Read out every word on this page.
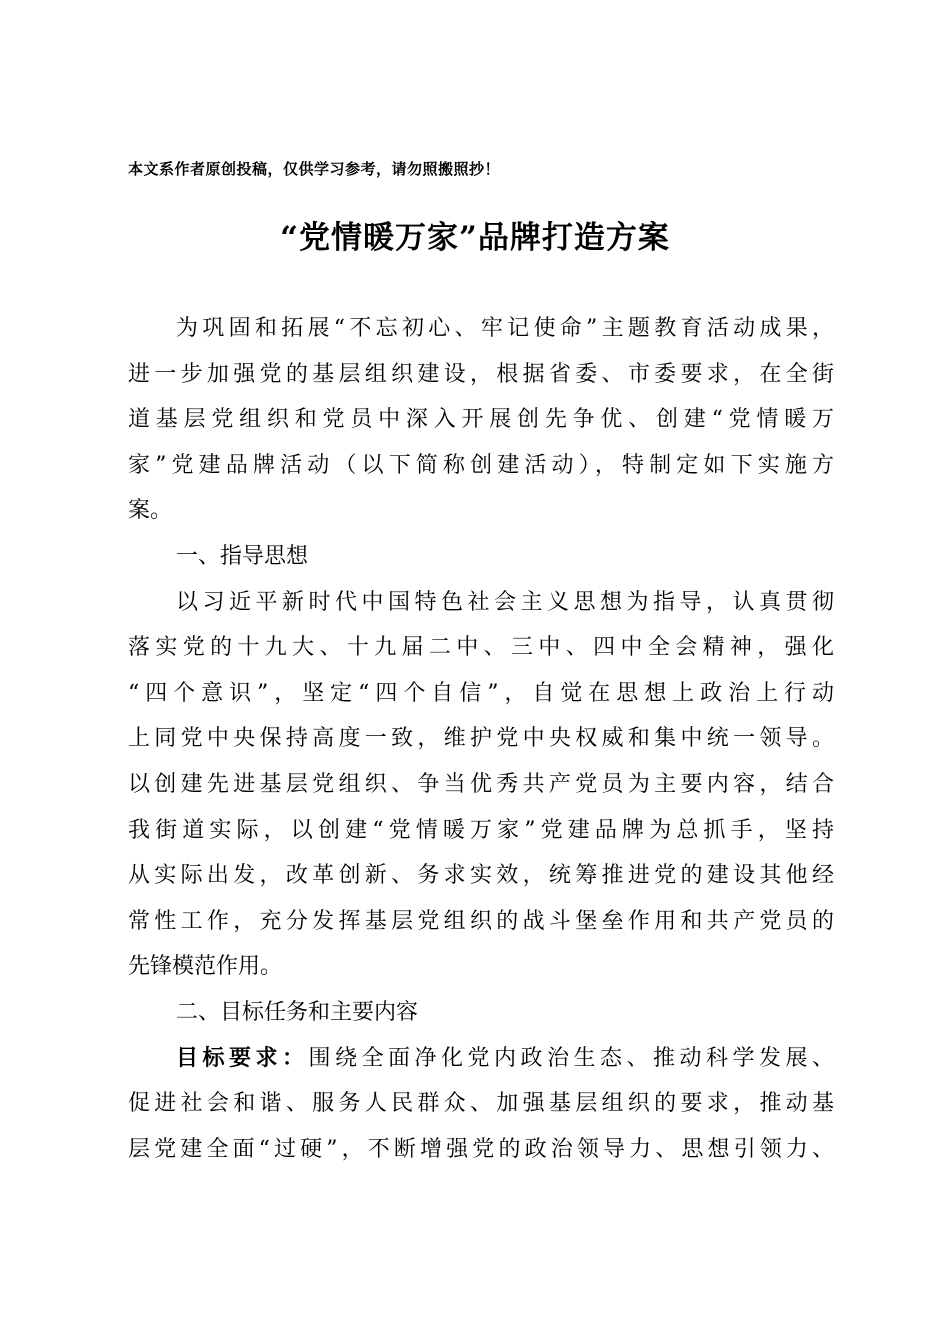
本文系作者原创投稿，仅供学习参考，请勿照搬照抄！
“党情暖万家”品牌打造方案
为巩固和拓展“不忘初心、牢记使命”主题教育活动成果，
进一步加强党的基层组织建设，根据省委、市委要求，在全街
道基层党组织和党员中深入开展创先争优、创建“党情暖万
家”党建品牌活动（以下简称创建活动），特制定如下实施方
案。
一、指导思想
以习近平新时代中国特色社会主义思想为指导，认真贯彻
落实党的十九大、十九届二中、三中、四中全会精神，强化
“四个意识”，坚定“四个自信”，自觉在思想上政治上行动
上同党中央保持高度一致，维护党中央权威和集中统一领导。
以创建先进基层党组织、争当优秀共产党员为主要内容，结合
我街道实际，以创建“党情暖万家”党建品牌为总抓手，坚持
从实际出发，改革创新、务求实效，统筹推进党的建设其他经
常性工作，充分发挥基层党组织的战斗堡垒作用和共产党员的
先锋模范作用。
二、目标任务和主要内容
目标要求：围绕全面净化党内政治生态、推动科学发展、
促进社会和谐、服务人民群众、加强基层组织的要求，推动基
层党建全面“过硬”，不断增强党的政治领导力、思想引领力、
